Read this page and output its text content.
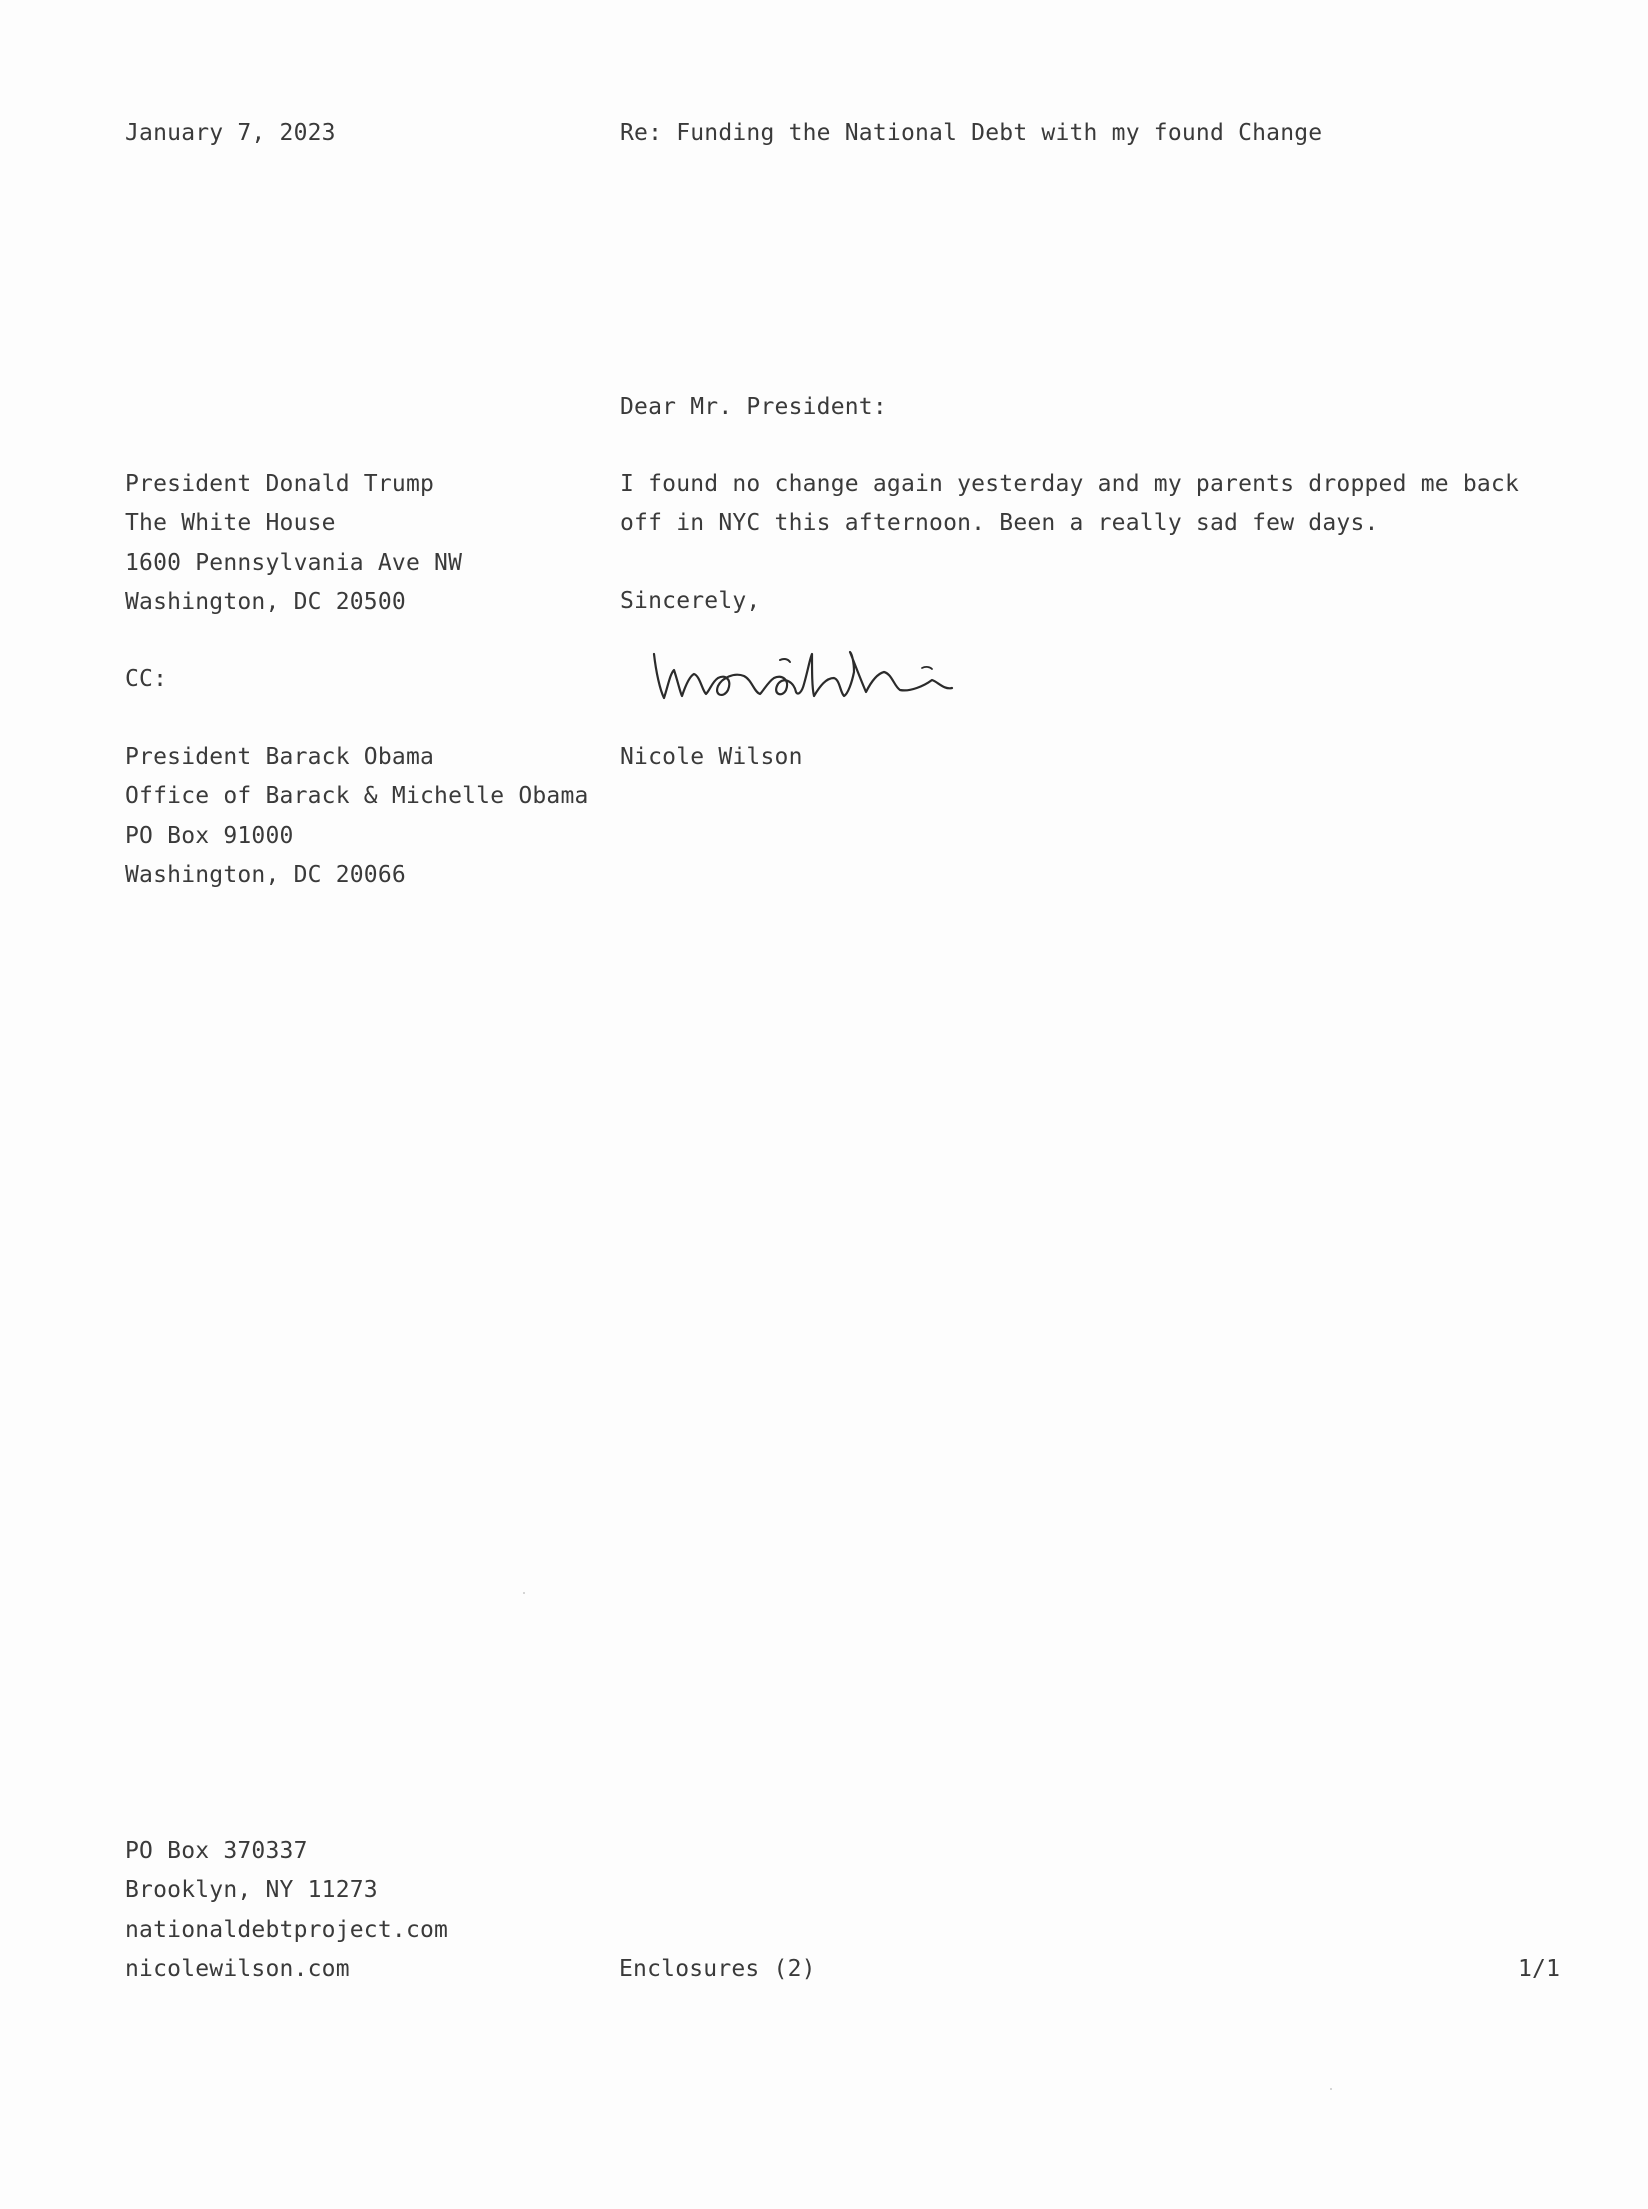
January 7, 2023	Re: Funding the National Debt with my found Change
Dear Mr. President:
President Donald Trump
The White House
1600 Pennsylvania Ave NW
Washington, DC 20500
I found no change again yesterday and my parents dropped me back
off in NYC this afternoon. Been a really sad few days.
Sincerely,
CC:
President Barack Obama
Office of Barack & Michelle Obama
PO Box 91000
Washington, DC 20066
Nicole Wilson
PO Box 370337
Brooklyn, NY 11273
nationaldebtproject.com
nicolewilson.com	Enclosures (2)	1/1
